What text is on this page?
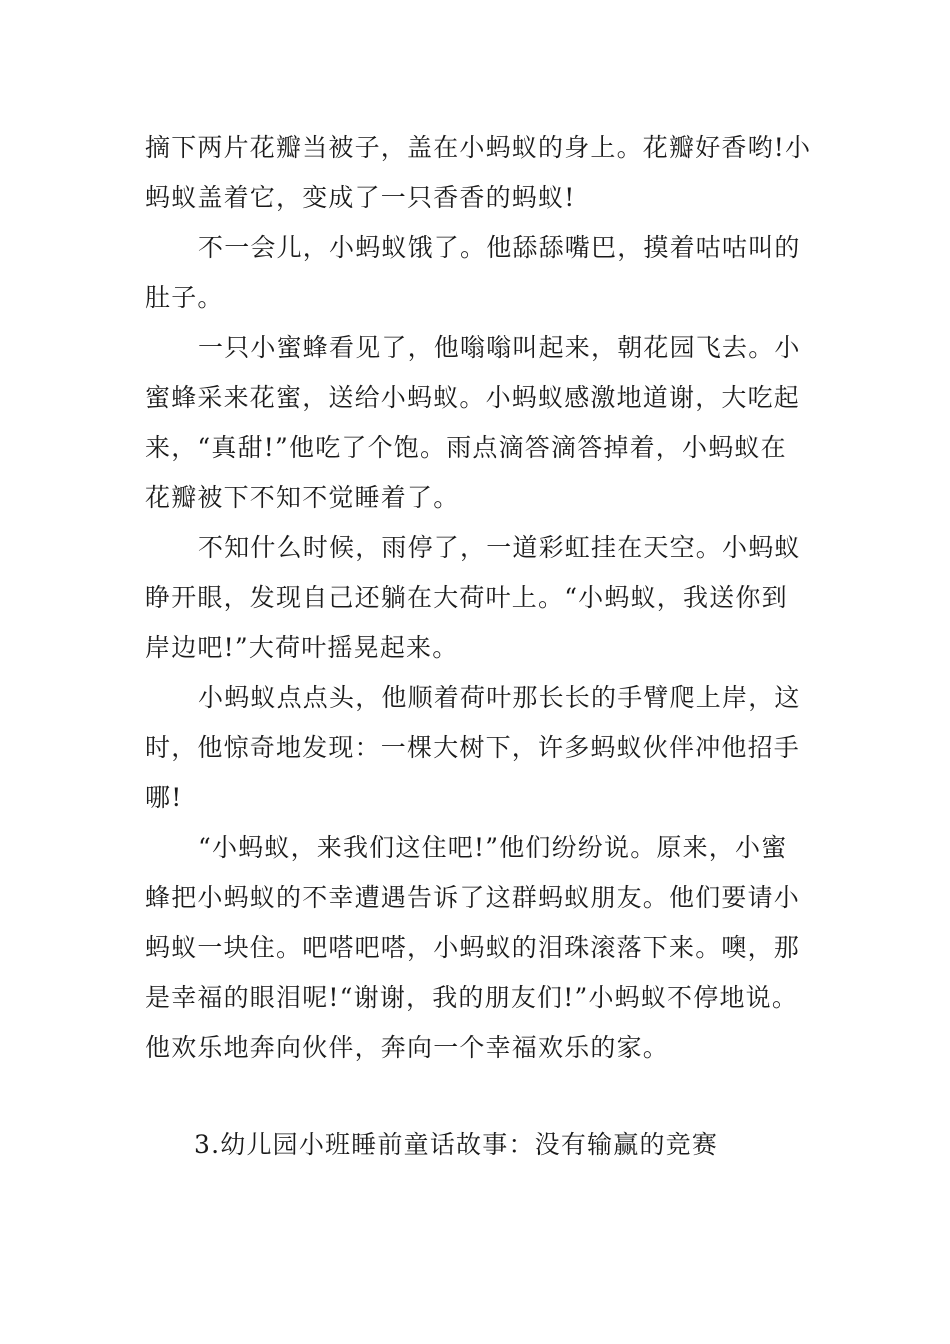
摘下两片花瓣当被子，盖在小蚂蚁的身上。花瓣好香哟!小
蚂蚁盖着它，变成了一只香香的蚂蚁!
不一会儿，小蚂蚁饿了。他舔舔嘴巴，摸着咕咕叫的
肚子。
一只小蜜蜂看见了，他嗡嗡叫起来，朝花园飞去。小
蜜蜂采来花蜜，送给小蚂蚁。小蚂蚁感激地道谢，大吃起
来，“真甜!”他吃了个饱。雨点滴答滴答掉着，小蚂蚁在
花瓣被下不知不觉睡着了。
不知什么时候，雨停了，一道彩虹挂在天空。小蚂蚁
睁开眼，发现自己还躺在大荷叶上。“小蚂蚁，我送你到
岸边吧!”大荷叶摇晃起来。
小蚂蚁点点头，他顺着荷叶那长长的手臂爬上岸，这
时，他惊奇地发现：一棵大树下，许多蚂蚁伙伴冲他招手
哪!
“小蚂蚁，来我们这住吧!”他们纷纷说。原来，小蜜
蜂把小蚂蚁的不幸遭遇告诉了这群蚂蚁朋友。他们要请小
蚂蚁一块住。吧嗒吧嗒，小蚂蚁的泪珠滚落下来。噢，那
是幸福的眼泪呢!“谢谢，我的朋友们!”小蚂蚁不停地说。
他欢乐地奔向伙伴，奔向一个幸福欢乐的家。
3.幼儿园小班睡前童话故事：没有输赢的竞赛
